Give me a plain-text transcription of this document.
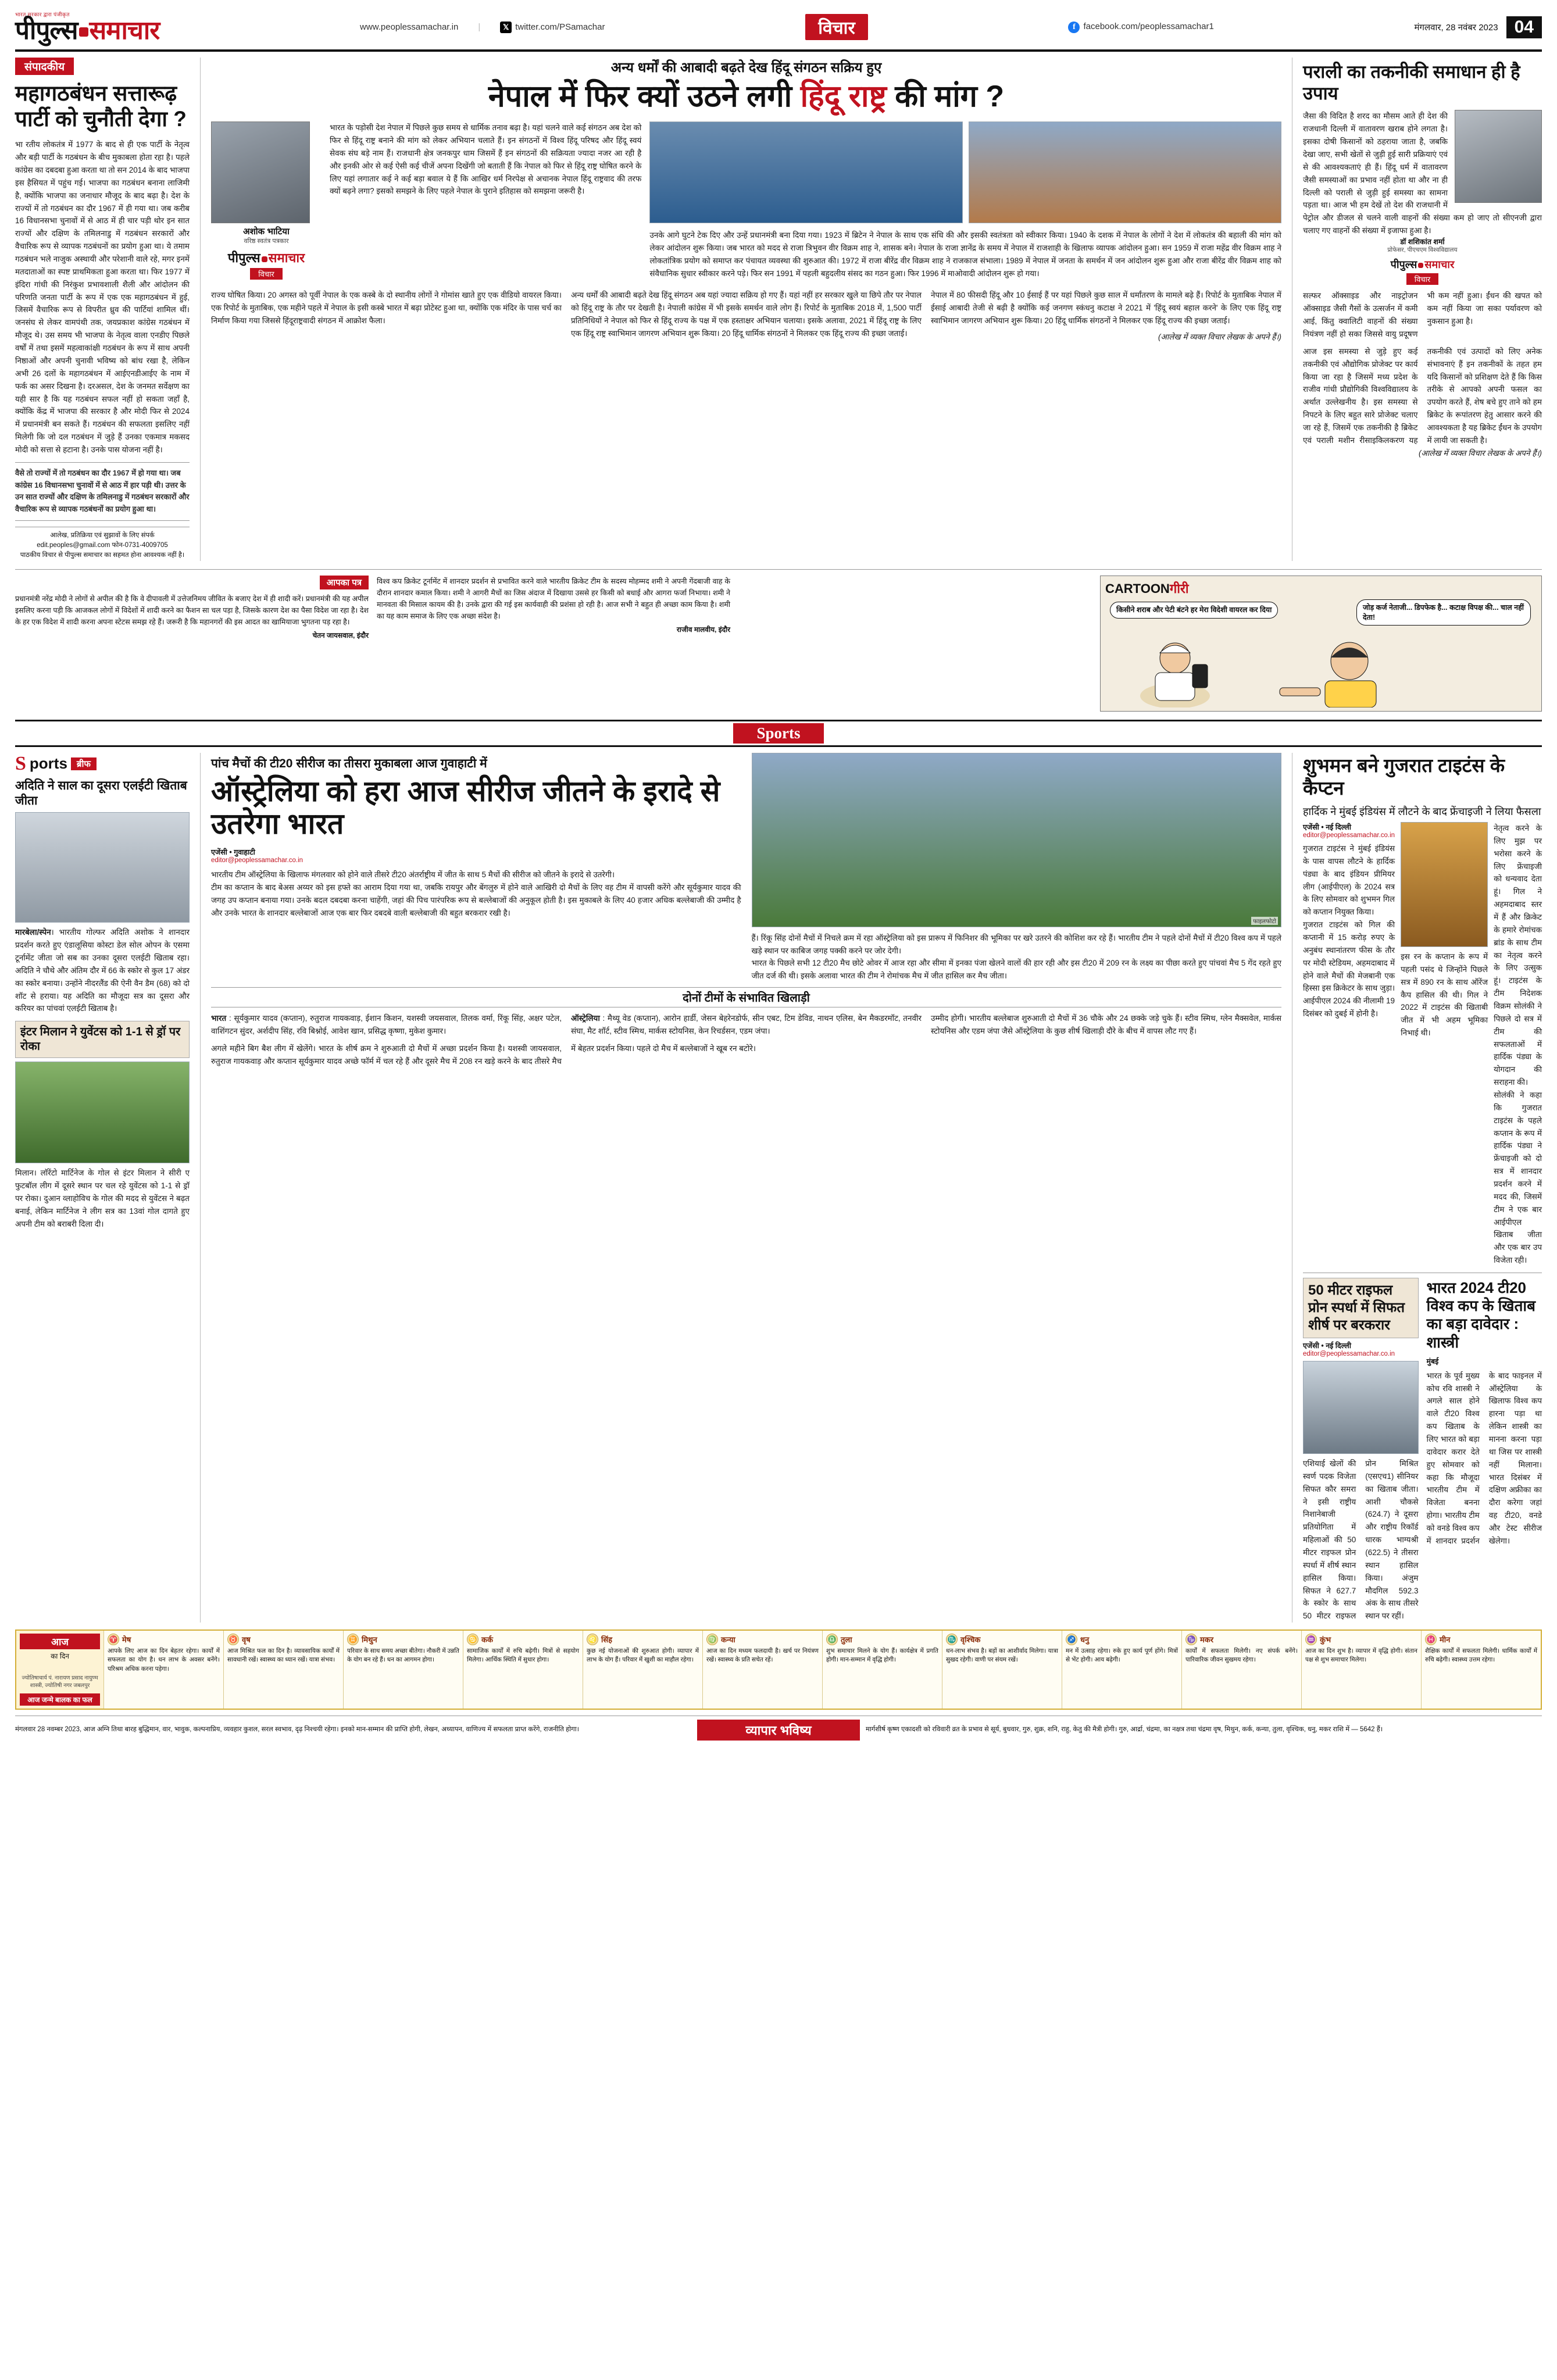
भारत सरकार द्वारा पंजीकृत
पीपुल्स समाचार	www.peoplessamachar.in |	𝕏 twitter.com/PSamachar	विचार	f facebook.com/peoplessamachar1	मंगलवार, 28 नवंबर 2023 04
संपादकीय
महागठबंधन सत्तारूढ़ पार्टी को चुनौती देगा ?
भा रतीय लोकतंत्र में 1977 के बाद से ही एक पार्टी के नेतृत्व और बड़ी पार्टी के गठबंधन के बीच मुकाबला होता रहा है। पहले कांग्रेस का दबदबा हुआ करता था तो सन 2014 के बाद भाजपा इस हैसियत में पहुंच गई। भाजपा का गठबंधन बनाना लाजिमी है, क्योंकि भाजपा का जनाधार मौजूद के बाद बढ़ा है। देश के राज्यों में तो गठबंधन का दौर 1967 में ही गया था। जब करीब 16 विधानसभा चुनावों में से आठ में ही चार पड़ी थोर इन सात राज्यों और दक्षिण के तमिलनाडु में गठबंधन सरकारों और वैचारिक रूप से व्यापक गठबंधनों का प्रयोग हुआ था। ये तमाम गठबंधन भले नाजुक अस्थायी और परेशानी वाले रहे, मगर इनमें मतदाताओं का स्पष्ट प्राथमिकता हुआ करता था। फिर 1977 में इंदिरा गांधी की निरंकुश प्रभावशाली शैली और आंदोलन की परिणति जनता पार्टी के रूप में एक एक महागठबंधन में हुई, जिसमें वैचारिक रूप से विपरीत ध्रुव की पार्टियां शामिल थीं। जनसंघ से लेकर वामपंथी तक, जयप्रकाश कांग्रेस गठबंधन में मौजूद थे। उस समय भी भाजपा के नेतृत्व वाला एनडीए पिछले वर्षों में तथा इसमें महत्वाकांक्षी गठबंधन के रूप में साथ अपनी निष्ठाओं और अपनी चुनावी भविष्य को बांध रखा है, लेकिन अभी 26 दलों के महागठबंधन में आईएनडीआईए के नाम में फर्क का असर दिखना है। दरअसल, देश के जनमत सर्वेक्षण का यही सार है कि यह गठबंधन सफल नहीं हो सकता जहाँ है, क्योंकि केंद्र में भाजपा की सरकार है और मोदी फिर से 2024 में प्रधानमंत्री बन सकते हैं। गठबंधन की सफलता इसलिए नहीं मिलेगी कि जो दल गठबंधन में जुड़े हैं उनका एकमात्र मकसद मोदी को सत्ता से हटाना है। उनके पास योजना नहीं है।
वैसे तो राज्यों में तो गठबंधन का दौर 1967 में हो गया था। जब कांग्रेस 16 विधानसभा चुनावों में से आठ में हार पड़ी थी। उत्तर के उन सात राज्यों और दक्षिण के तमिलनाडु में गठबंधन सरकारों और वैचारिक रूप से व्यापक गठबंधनों का प्रयोग हुआ था।
आलेख, प्रतिक्रिया एवं सुझावों के लिए संपर्क
edit.peoples@gmail.com फोन-0731-4009705
पाठकीय विचार से पीपुल्स समाचार का सहमत होना आवश्यक नहीं है।
अन्य धर्मों की आबादी बढ़ते देख हिंदू संगठन सक्रिय हुए
नेपाल में फिर क्यों उठने लगी हिंदू राष्ट्र की मांग ?
अशोक भाटिया
वरिष्ठ स्वतंत्र पत्रकार
पीपुल्स समाचार
विचार
भारत के पड़ोसी देश नेपाल में पिछले कुछ समय से धार्मिक तनाव बढ़ा है। यहां चलने वाले कई संगठन अब देश को फिर से हिंदू राष्ट्र बनाने की मांग को लेकर अभियान चलाते हैं। इन संगठनों में विश्व हिंदू परिषद और हिंदू स्वयं सेवक संघ बड़े नाम हैं। राजधानी क्षेत्र जनकपुर धाम जिसमें हैं इन संगठनों की सक्रियता ज्यादा नजर आ रही है और इनकी ओर से कई ऐसी कई चीजें अपना दिखेंगी जो बताती हैं कि नेपाल को फिर से हिंदू राष्ट्र घोषित करने के लिए यहां लगातार कई ने कई बड़ा बवाल ये हैं कि आखिर धर्म निरपेक्ष से अचानक नेपाल हिंदू राष्ट्रवाद की तरफ क्यों बढ़ने लगा? इसको समझने के लिए पहले नेपाल के पुराने इतिहास को समझना जरूरी है।
उनके आगे घुटने टेक दिए और उन्हें प्रधानमंत्री बना दिया गया। 1923 में ब्रिटेन ने नेपाल के साथ एक संधि की और इसकी स्वतंत्रता को स्वीकार किया। 1940 के दशक में नेपाल के लोगों ने देश में लोकतंत्र की बहाली की मांग को लेकर आंदोलन शुरू किया। जब भारत को मदद से राजा त्रिभुवन वीर विक्रम शाह ने, शासक बने। नेपाल के राजा ज्ञानेंद्र के समय में नेपाल में राजशाही के खिलाफ व्यापक आंदोलन हुआ। सन 1959 में राजा महेंद्र वीर विक्रम शाह ने लोकतांत्रिक प्रयोग को समाप्त कर पंचायत व्यवस्था की शुरुआत की। 1972 में राजा बीरेंद्र वीर विक्रम शाह ने राजकाज संभाला। 1989 में नेपाल में जनता के समर्थन में जन आंदोलन शुरू हुआ और राजा बीरेंद्र वीर विक्रम शाह को संवैधानिक सुधार स्वीकार करने पड़े। फिर सन 1991 में पहली बहुदलीय संसद का गठन हुआ। फिर 1996 में माओवादी आंदोलन शुरू हो गया।
राज्य घोषित किया। 20 अगस्त को पूर्वी नेपाल के एक कस्बे के दो स्थानीय लोगों ने गोमांस खाते हुए एक वीडियो वायरल किया। एक रिपोर्ट के मुताबिक, एक महीने पहले में नेपाल के इसी कस्बे भारत में बढ़ा प्रोटेस्ट हुआ था, क्योंकि एक मंदिर के पास चर्च का निर्माण किया गया जिससे हिंदूराष्ट्रवादी संगठन में आक्रोश फैला।
अन्य धर्मों की आबादी बढ़ते देख हिंदू संगठन अब यहां ज्यादा सक्रिय हो गए हैं। यहां नहीं हर सरकार खुले या छिपे तौर पर नेपाल को हिंदू राष्ट्र के तौर पर देखती है। नेपाली कांग्रेस में भी इसके समर्थन वाले लोग हैं। रिपोर्ट के मुताबिक 2018 में, 1,500 पार्टी प्रतिनिधियों ने नेपाल को फिर से हिंदू राज्य के पक्ष में एक हस्ताक्षर अभियान चलाया। इसके अलावा, 2021 में हिंदू राष्ट्र के लिए एक हिंदू राष्ट्र स्वाभिमान जागरण अभियान शुरू किया। 20 हिंदू धार्मिक संगठनों ने मिलकर एक हिंदू राज्य की इच्छा जताई।
नेपाल में 80 फीसदी हिंदू और 10 ईसाई हैं पर यहां पिछले कुछ साल में धर्मांतरण के मामले बढ़े हैं। रिपोर्ट के मुताबिक नेपाल में ईसाई आबादी तेजी से बढ़ी है क्योंकि कई जनगण स्कंधनु कटाक्ष ने 2021 में 'हिंदू स्वयं बहाल करने' के लिए एक हिंदू राष्ट्र स्वाभिमान जागरण अभियान शुरू किया। 20 हिंदू धार्मिक संगठनों ने मिलकर एक हिंदू राज्य की इच्छा जताई।
(आलेख में व्यक्त विचार लेखक के अपने हैं।)
पराली का तकनीकी समाधान ही है उपाय
जैसा की विदित है शरद का मौसम आते ही देश की राजधानी दिल्ली में वातावरण खराब होने लगता है। इसका दोषी किसानों को ठहराया जाता है, जबकि देखा जाए, सभी खेतों से जुड़ी हुई सारी प्रक्रियाएं एवं से की आवश्यकताएं ही हैं। हिंदू धर्म में वातावरण जैसी समस्याओं का प्रभाव नहीं होता था और ना ही दिल्ली को पराली से जुड़ी हुई समस्या का सामना पड़ता था। आज भी हम देखें तो देश की राजधानी में पेट्रोल और डीजल से चलने वाली वाहनों की संख्या कम हो जाए तो सीएनजी द्वारा चलाए गए वाहनों की संख्या में इजाफा हुआ है।
डॉ शशिकांत शर्मा
प्रोफेसर, पीएचएम विश्वविद्यालय
पीपुल्स समाचार
विचार
सल्फर ऑक्साइड और नाइट्रोजन ऑक्साइड जैसी गैसों के उत्सर्जन में कमी आई, किंतु क्वालिटी वाहनों की संख्या नियंत्रण नहीं हो सका जिससे वायु प्रदूषण भी कम नहीं हुआ। ईंधन की खपत को कम नहीं किया जा सका पर्यावरण को नुकसान हुआ है।
आज इस समस्या से जुड़े हुए कई तकनीकी एवं औद्योगिक प्रोजेक्ट पर कार्य किया जा रहा है जिसमें मध्य प्रदेश के राजीव गांधी प्रौद्योगिकी विश्वविद्यालय के अर्थात उल्लेखनीय है। इस समस्या से निपटने के लिए बहुत सारे प्रोजेक्ट चलाए जा रहे हैं, जिसमें एक तकनीकी है ब्रिकेट एवं पराली मशीन रीसाइकिलकरण यह तकनीकी एवं उत्पादों को लिए अनेक संभावनाएं हैं इन तकनीकों के तहत हम यदि किसानों को प्रशिक्षण देते हैं कि किस तरीके से आपको अपनी फसल का उपयोग करते हैं, शेष बचे हुए ताने को हम ब्रिकेट के रूपांतरण हेतु आसार करने की आवश्यकता है यह ब्रिकेट ईंधन के उपयोग में लायी जा सकती है।
(आलेख में व्यक्त विचार लेखक के अपने हैं।)
आपका पत्र
प्रधानमंत्री नरेंद्र मोदी ने लोगों से अपील की है कि वे दीपावली में उत्तेजनिमय जीवित के बजाए देश में ही शादी करें। प्रधानमंत्री की यह अपील इसलिए करना पड़ी कि आजकल लोगों में विदेशों में शादी करने का फैशन सा चल पड़ा है, जिसके कारण देश का पैसा विदेश जा रहा है। देश के हर एक विदेश में शादी करना अपना स्टेटस समझ रहे हैं। जरूरी है कि महानगरों की इस आदत का खामियाजा भुगतना पड़ रहा है।
चेतन जायसवाल, इंदौर
विश्व कप क्रिकेट टूर्नामेंट में शानदार प्रदर्शन से प्रभावित करने वाले भारतीय क्रिकेट टीम के सदस्य मोहम्मद शमी ने अपनी गेंदबाजी वाह के दौरान शानदार कमाल किया। शमी ने आगरी मैचों का जिस अंदाज में दिखाया उससे हर किसी को बधाई और आगरा फर्जा निभाया। शमी ने मानवता की मिसाल कायम की है। उनके द्वारा की गई इस कार्यवाही की प्रशंसा हो रही है। आज सभी ने बहुत ही अच्छा काम किया है। शमी का यह काम समाज के लिए एक अच्छा संदेश है।
राजीव मालवीय, इंदौर
CARTOONगीरी
किसीने शराब और पेटी बंटने हर मेरा विदेशी वायरल कर दिया	जोड़ कर्ज नेताजी... डिपफेक है... कटाक्ष विपक्ष की... चाल नहीं देता!
Sports
S ports	ब्रीफ
अदिति ने साल का दूसरा एलईटी खिताब जीता
मारबेला/स्पेन। भारतीय गोल्फर अदिति अशोक ने शानदार प्रदर्शन करते हुए एंडालूसिया कोस्टा डेल सोल ओपन के एसमा टूर्नामेंट जीता जो सब का उनका दूसरा एलईटी खिताब रहा। अदिति ने चौथे और अंतिम दौर में 66 के स्कोर से कुल 17 अंडर का स्कोर बनाया। उन्होंने नीदरलैंड की ऐनी वैन डैम (68) को दो शॉट से हराया। यह अदिति का मौजूदा सत्र का दूसरा और करियर का पांचवां एलईटी खिताब है।
इंटर मिलान ने युवेंटस को 1-1 से ड्रॉ पर रोका
मिलान। लॉरेंटो मार्टिनेज के गोल से इंटर मिलान ने सीरी ए फुटबॉल लीग में दूसरे स्थान पर चल रहे युवेंटस को 1-1 से ड्रॉ पर रोका। दुआन व्लाहोविच के गोल की मदद से युवेंटस ने बढ़त बनाई, लेकिन मार्टिनेज ने लीग सत्र का 13वां गोल दागते हुए अपनी टीम को बराबरी दिला दी।
पांच मैचों की टी20 सीरीज का तीसरा मुकाबला आज गुवाहाटी में
ऑस्ट्रेलिया को हरा आज सीरीज जीतने के इरादे से उतरेगा भारत
एजेंसी • गुवाहाटी
editor@peoplessamachar.co.in
भारतीय टीम ऑस्ट्रेलिया के खिलाफ मंगलवार को होने वाले तीसरे टी20 अंतर्राष्ट्रीय में जीत के साथ 5 मैचों की सीरीज को जीतने के इरादे से उतरेगी।
टीम का कप्तान के बाद बेअस अय्यर को इस हफ्ते का आराम दिया गया था, जबकि रायपुर और बेंगलुरु में होने वाले आखिरी दो मैचों के लिए वह टीम में वापसी करेंगे और सूर्यकुमार यादव की जगह उप कप्तान बनाया गया। उनके बदल दबदबा करना चाहेंगी, जहां की पिच पारंपरिक रूप से बल्लेबाजों की अनुकूल होती है। इस मुकाबले के लिए 40 हजार अधिक बल्लेबाजी की उम्मीद है और उनके भारत के शानदार बल्लेबाजों आज एक बार फिर दबदबे वाली बल्लेबाजी की बहुत बरकरार रखी है।
फाइलफोटो
हैं। रिंकू सिंह दोनों मैचों में निचले क्रम में रहा ऑस्ट्रेलिया को इस प्रारूप में फिनिशर की भूमिका पर खरे उतरने की कोशिश कर रहे हैं। भारतीय टीम ने पहले दोनों मैचों में टी20 विश्व कप में पहले खड़े स्थान पर काबिज जगह पक्की करने पर जोर देगी।
भारत के पिछले सभी 12 टी20 मैच छोटे ओवर में आज रहा और सीमा में इनका पंजा खेलने वालों की हार रही और इस टी20 में 209 रन के लक्ष्य का पीछा करते हुए पांचवां मैच 5 गेंद रहते हुए जीत दर्ज की थी। इसके अलावा भारत की टीम ने रोमांचक मैच में जीत हासिल कर मैच जीता।
दोनों टीमों के संभावित खिलाड़ी
भारत : सूर्यकुमार यादव (कप्तान), रुतुराज गायकवाड़, ईशान किशन, यशस्वी जयसवाल, तिलक वर्मा, रिंकू सिंह, अक्षर पटेल, वाशिंगटन सुंदर, अर्शदीप सिंह, रवि बिश्नोई, आवेश खान, प्रसिद्ध कृष्णा, मुकेश कुमार।
ऑस्ट्रेलिया : मैथ्यू वेड (कप्तान), आरोन हार्डी, जेसन बेहरेनडोर्फ, सीन एबट, टिम डेविड, नाथन एलिस, बेन मैकडरमॉट, तनवीर संघा, मैट शॉर्ट, स्टीव स्मिथ, मार्कस स्टोयनिस, केन रिचर्डसन, एडम जंपा।
उम्मीद होगी। भारतीय बल्लेबाज शुरुआती दो मैचों में 36 चौके और 24 छक्के जड़े चुके हैं। स्टीव स्मिथ, ग्लेन मैक्सवेल, मार्कस स्टोयनिस और एडम जंपा जैसे ऑस्ट्रेलिया के कुछ शीर्ष खिलाड़ी दौरे के बीच में वापस लौट गए हैं।
अगले महीने बिग बैश लीग में खेलेंगे। भारत के शीर्ष क्रम ने शुरुआती दो मैचों में अच्छा प्रदर्शन किया है। यशस्वी जायसवाल, रुतुराज गायकवाड़ और कप्तान सूर्यकुमार यादव अच्छे फॉर्म में चल रहे हैं और दूसरे मैच में 208 रन खड़े करने के बाद तीसरे मैच में बेहतर प्रदर्शन किया। पहले दो मैच में बल्लेबाजों ने खूब रन बटोरे।
शुभमन बने गुजरात टाइटंस के कैप्टन
हार्दिक ने मुंबई इंडियंस में लौटने के बाद फ्रेंचाइजी ने लिया फैसला
एजेंसी • नई दिल्ली
editor@peoplessamachar.co.in
गुजरात टाइटंस ने मुंबई इंडियंस के पास वापस लौटने के हार्दिक पंड्या के बाद इंडियन प्रीमियर लीग (आईपीएल) के 2024 सत्र के लिए सोमवार को शुभमन गिल को कप्तान नियुक्त किया।
गुजरात टाइटंस को गिल की कप्तानी में 15 करोड़ रुपए के अनुबंध स्थानांतरण फीस के तौर पर मोदी स्टेडियम, अहमदाबाद में होने वाले मैचों की मेजबानी एक हिस्सा इस क्रिकेटर के साथ जुड़ा। आईपीएल 2024 की नीलामी 19 दिसंबर को दुबई में होनी है।
इस रन के कप्तान के रूप में पहली पसंद थे जिन्होंने पिछले सत्र में 890 रन के साथ ऑरेंज कैप हासिल की थी। गिल ने 2022 में टाइटंस की खिताबी जीत में भी अहम भूमिका निभाई थी।
नेतृत्व करने के लिए मुझ पर भरोसा करने के लिए फ्रेंचाइजी को धन्यवाद देता हूं। गिल ने अहमदाबाद स्तर में हैं और क्रिकेट के हमारे रोमांचक ब्रांड के साथ टीम का नेतृत्व करने के लिए उत्सुक हूं। टाइटंस के टीम निदेशक विक्रम सोलंकी ने पिछले दो सत्र में टीम की सफलताओं में हार्दिक पंड्या के योगदान की सराहना की।
सोलंकी ने कहा कि गुजरात टाइटंस के पहले कप्तान के रूप में हार्दिक पंड्या ने फ्रेंचाइजी को दो सत्र में शानदार प्रदर्शन करने में मदद की, जिसमें टीम ने एक बार आईपीएल खिताब जीता और एक बार उप विजेता रही।
50 मीटर राइफल प्रोन स्पर्धा में सिफत शीर्ष पर बरकरार
एजेंसी • नई दिल्ली
editor@peoplessamachar.co.in
एशियाई खेलों की स्वर्ण पदक विजेता सिफत कौर समरा ने इसी राष्ट्रीय निशानेबाजी प्रतियोगिता में महिलाओं की 50 मीटर राइफल प्रोन स्पर्धा में शीर्ष स्थान हासिल किया। सिफत ने 627.7 के स्कोर के साथ 50 मीटर राइफल प्रोन मिश्रित (एसएच1) सीनियर का खिताब जीता। आशी चौकसे (624.7) ने दूसरा और राष्ट्रीय रिकॉर्ड धारक भाग्यश्री (622.5) ने तीसरा स्थान हासिल किया। अंजुम मौदगिल 592.3 अंक के साथ तीसरे स्थान पर रहीं।
भारत 2024 टी20 विश्व कप के खिताब का बड़ा दावेदार : शास्त्री
मुंबई
भारत के पूर्व मुख्य कोच रवि शास्त्री ने अगले साल होने वाले टी20 विश्व कप खिताब के लिए भारत को बड़ा दावेदार करार देते हुए सोमवार को कहा कि मौजूदा भारतीय टीम में विजेता बनना होगा। भारतीय टीम को वनडे विश्व कप में शानदार प्रदर्शन के बाद फाइनल में ऑस्ट्रेलिया के खिलाफ विश्व कप हारना पड़ा था लेकिन शास्त्री का मानना करना पड़ा था जिस पर शास्त्री नहीं मिलाना। भारत दिसंबर में दक्षिण अफ्रीका का दौरा करेगा जहां वह टी20, वनडे और टेस्ट सीरीज खेलेगा।
आज
का दिन
ज्योतिषाचार्य पं. नारायण प्रसाद नायुण्म शास्त्री, ज्योतिषी नगर जबलपुर
आज जन्मे बालक का फल
♈ मेष
आपके लिए आज का दिन बेहतर रहेगा। कार्यों में सफलता का योग है। धन लाभ के अवसर बनेंगे। परिश्रम अधिक करना पड़ेगा।
♉ वृष
आज मिश्रित फल का दिन है। व्यावसायिक कार्यों में सावधानी रखें। स्वास्थ्य का ध्यान रखें। यात्रा संभव।
♊ मिथुन
परिवार के साथ समय अच्छा बीतेगा। नौकरी में उन्नति के योग बन रहे हैं। धन का आगमन होगा।
♋ कर्क
सामाजिक कार्यों में रुचि बढ़ेगी। मित्रों से सहयोग मिलेगा। आर्थिक स्थिति में सुधार होगा।
♌ सिंह
कुछ नई योजनाओं की शुरुआत होगी। व्यापार में लाभ के योग हैं। परिवार में खुशी का माहौल रहेगा।
♍ कन्या
आज का दिन मध्यम फलदायी है। खर्च पर नियंत्रण रखें। स्वास्थ्य के प्रति सचेत रहें।
♎ तुला
शुभ समाचार मिलने के योग हैं। कार्यक्षेत्र में प्रगति होगी। मान-सम्मान में वृद्धि होगी।
♏ वृश्चिक
धन-लाभ संभव है। बड़ों का आशीर्वाद मिलेगा। यात्रा सुखद रहेगी। वाणी पर संयम रखें।
♐ धनु
मन में उत्साह रहेगा। रुके हुए कार्य पूर्ण होंगे। मित्रों से भेंट होगी। आय बढ़ेगी।
♑ मकर
कार्यों में सफलता मिलेगी। नए संपर्क बनेंगे। पारिवारिक जीवन सुखमय रहेगा।
♒ कुंभ
आज का दिन शुभ है। व्यापार में वृद्धि होगी। संतान पक्ष से शुभ समाचार मिलेगा।
♓ मीन
शैक्षिक कार्यों में सफलता मिलेगी। धार्मिक कार्यों में रुचि बढ़ेगी। स्वास्थ्य उत्तम रहेगा।
मंगलवार 28 नवम्बर 2023, आज अग्नि तिथा बारह बुद्धिमान, वार, भावुक, कल्पनाप्रिय, व्यवहार कुशल, सरल स्वभाव, दृढ़ निश्चयी रहेगा। इनको मान-सम्मान की प्राप्ति होगी, लेखन, अध्यापन, वाणिज्य में सफलता प्राप्त करेंगे, राजनीति होगा।	व्यापार भविष्य	मार्गशीर्ष कृष्ण एकादशी को रविवारी व्रत के प्रभाव से सूर्य, बुधवार, गुरु, शुक्र, शनि, राहु, केतु की मैत्री होगी। गुरु, आर्द्रा, चंद्रमा, का नक्षत्र तथा चंद्रमा वृष, मिथुन, कर्क, कन्या, तुला, वृश्चिक, धनु, मकर राशि में — 5642 हैं।
